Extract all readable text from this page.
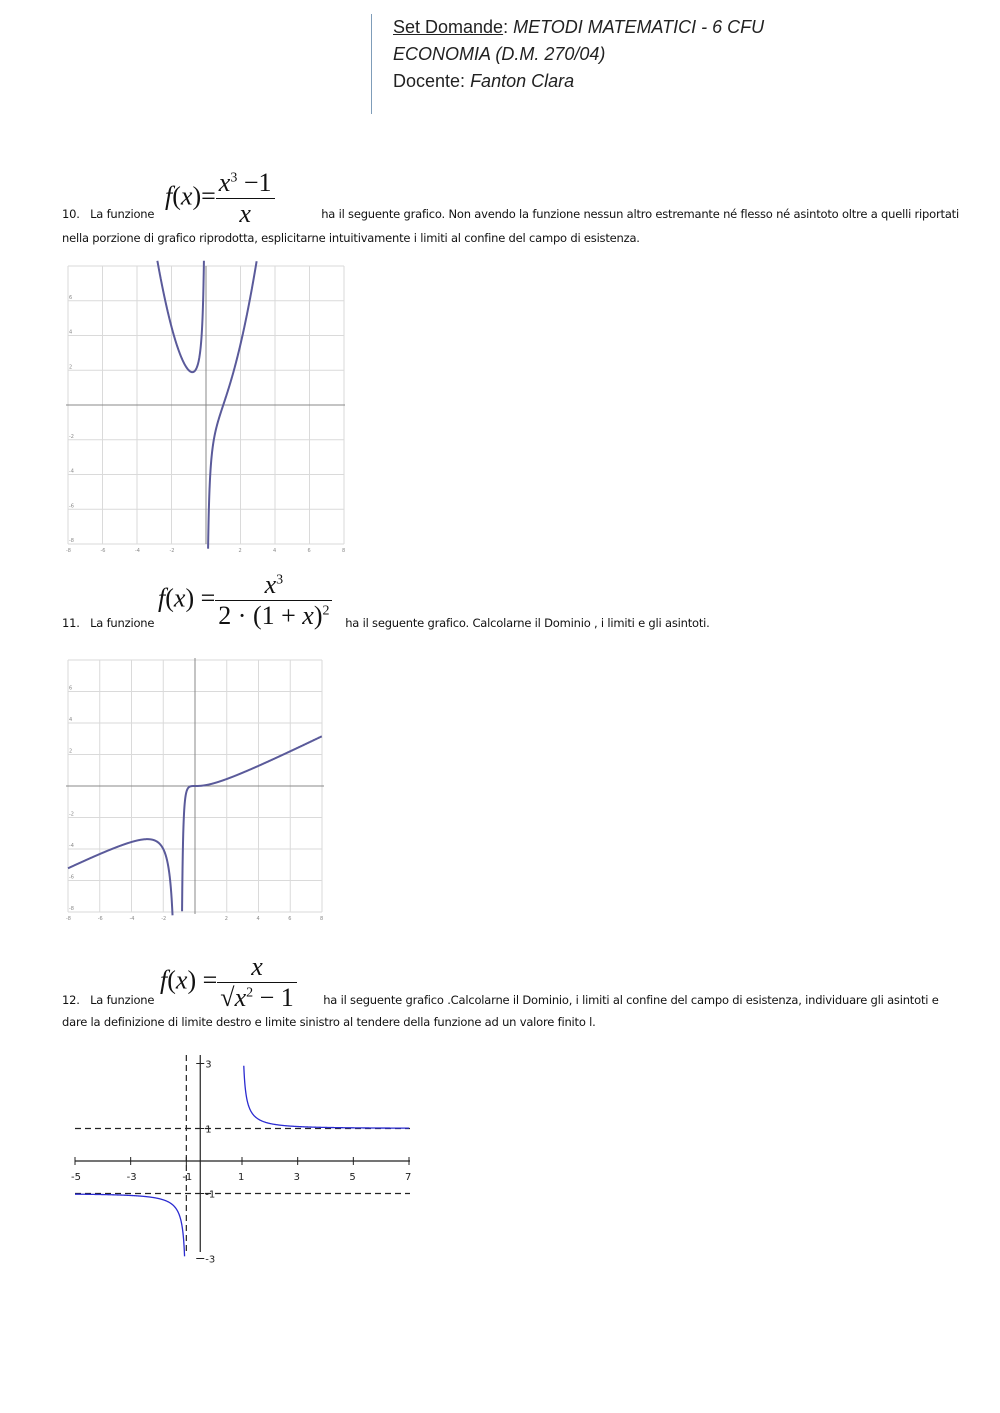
Set Domande: METODI MATEMATICI - 6 CFU
ECONOMIA (D.M. 270/04)
Docente: Fanton Clara
$f(x)= \frac{x^3 -1}{x}$
10. La funzione	ha il seguente grafico. Non avendo la funzione nessun altro estremante né flesso né asintoto oltre a quelli riportati
nella porzione di grafico riprodotta, esplicitarne intuitivamente i limiti al confine del campo di esistenza.
-8	-6	-4	-2	2	4	6	8
6
4
2
-2
-4
-6
-8
$f(x) = \frac{x^3}{2 \cdot (1 + x)^2}$
11. La funzione	ha il seguente grafico. Calcolarne il Dominio , i limiti e gli asintoti.
-8	-6	-4	-2	2	4	6	8
6
4
2
-2
-4
-6
-8
$f(x) = \frac{x}{√x^2 - 1}$
12. La funzione	ha il seguente grafico .Calcolarne il Dominio, i limiti al confine del campo di esistenza, individuare gli asintoti e
dare la definizione di limite destro e limite sinistro al tendere della funzione ad un valore finito l.
-5	-3	-1	1	3	5	7
3
1
-1
-3
